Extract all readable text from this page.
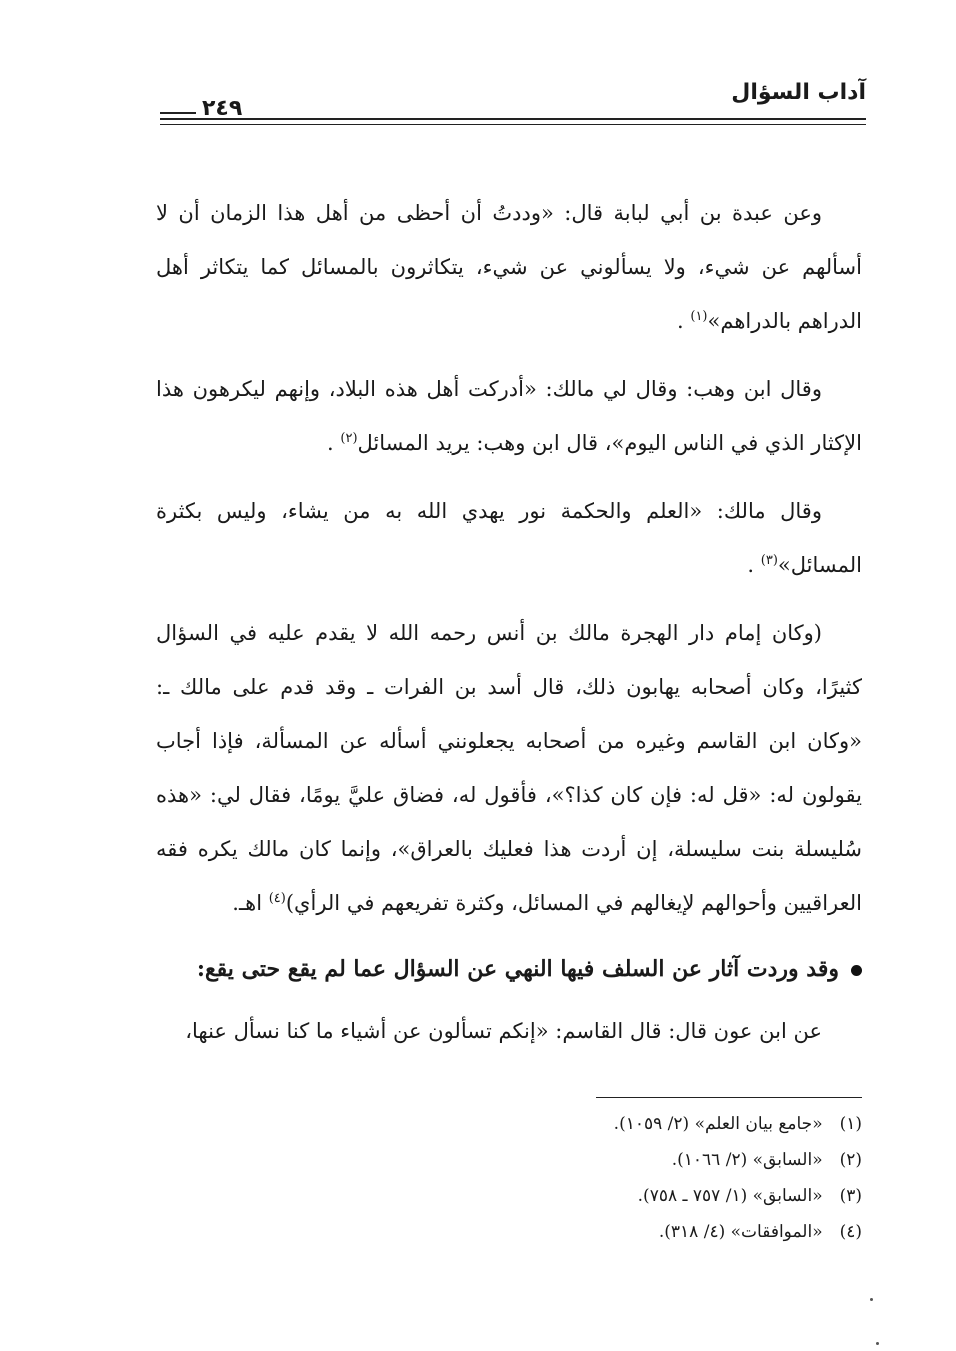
آداب السؤال
٢٤٩

وعن عبدة بن أبي لبابة قال: «وددتُ أن أحظى من أهل هذا الزمان أن لا أسألهم عن شيء، ولا يسألوني عن شيء، يتكاثرون بالمسائل كما يتكاثر أهل الدراهم بالدراهم»$^{(١)}$ .

وقال ابن وهب: وقال لي مالك: «أدركت أهل هذه البلاد، وإنهم ليكرهون هذا الإكثار الذي في الناس اليوم»، قال ابن وهب: يريد المسائل$^{(٢)}$ .

وقال مالك: «العلم والحكمة نور يهدي الله به من يشاء، وليس بكثرة المسائل»$^{(٣)}$ .

(وكان إمام دار الهجرة مالك بن أنس رحمه الله لا يقدم عليه في السؤال كثيرًا، وكان أصحابه يهابون ذلك، قال أسد بن الفرات ـ وقد قدم على مالك ـ: «وكان ابن القاسم وغيره من أصحابه يجعلونني أسأله عن المسألة، فإذا أجاب يقولون له: «قل له: فإن كان كذا؟»، فأقول له، فضاق عليَّ يومًا، فقال لي: «هذه سُليسلة بنت سليسلة، إن أردت هذا فعليك بالعراق»، وإنما كان مالك يكره فقه العراقيين وأحوالهم لإيغالهم في المسائل، وكثرة تفريعهم في الرأي)$^{(٤)}$ اهـ.

وقد وردت آثار عن السلف فيها النهي عن السؤال عما لم يقع حتى يقع:

عن ابن عون قال: قال القاسم: «إنكم تسألون عن أشياء ما كنا نسأل عنها،

(١) «جامع بيان العلم» (٢/ ١٠٥٩).
(٢) «السابق» (٢/ ١٠٦٦).
(٣) «السابق» (١/ ٧٥٧ ـ ٧٥٨).
(٤) «الموافقات» (٤/ ٣١٨).
